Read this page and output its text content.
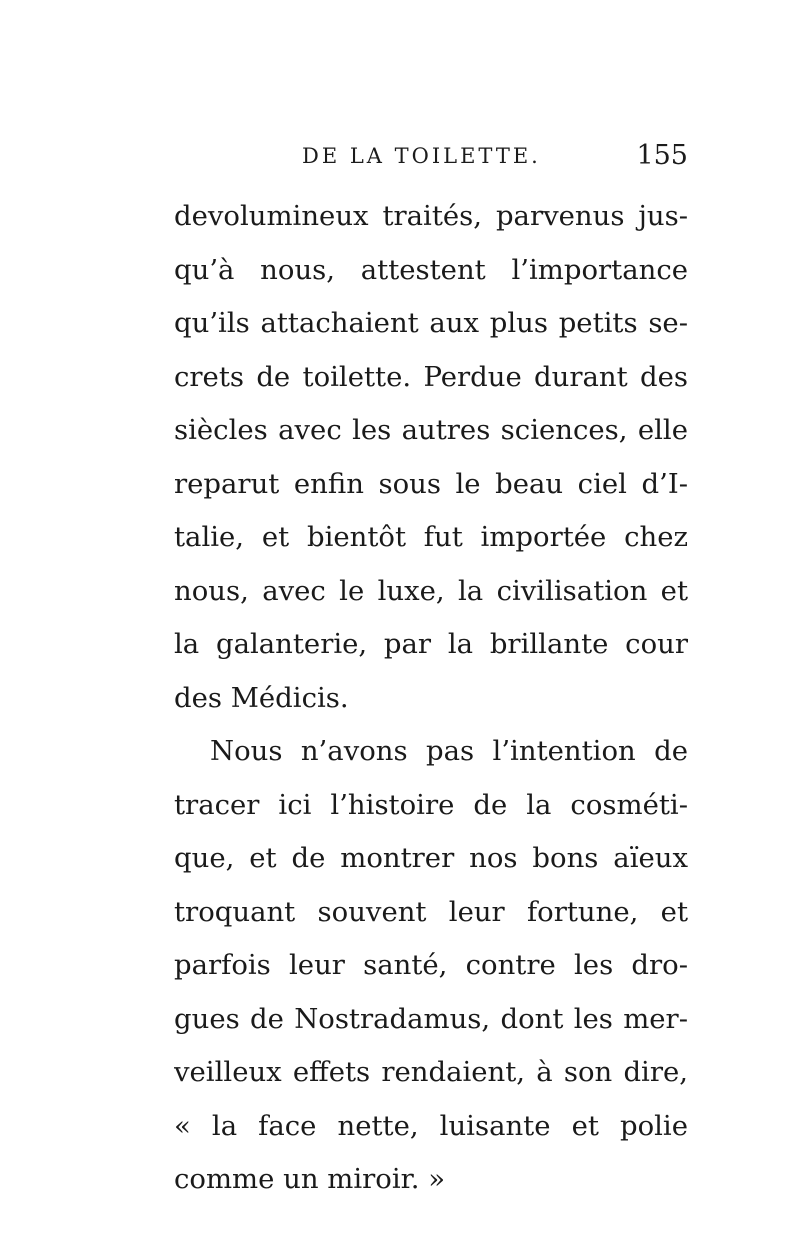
DE LA TOILETTE.	155
devolumineux traités, parvenus jus-
qu’à nous, attestent l’importance
qu’ils attachaient aux plus petits se-
crets de toilette. Perdue durant des
siècles avec les autres sciences, elle
reparut enfin sous le beau ciel d’I-
talie, et bientôt fut importée chez
nous, avec le luxe, la civilisation et
la galanterie, par la brillante cour
des Médicis.
Nous n’avons pas l’intention de
tracer ici l’histoire de la cosméti-
que, et de montrer nos bons aïeux
troquant souvent leur fortune, et
parfois leur santé, contre les dro-
gues de Nostradamus, dont les mer-
veilleux effets rendaient, à son dire,
« la face nette, luisante et polie
comme un miroir. »
